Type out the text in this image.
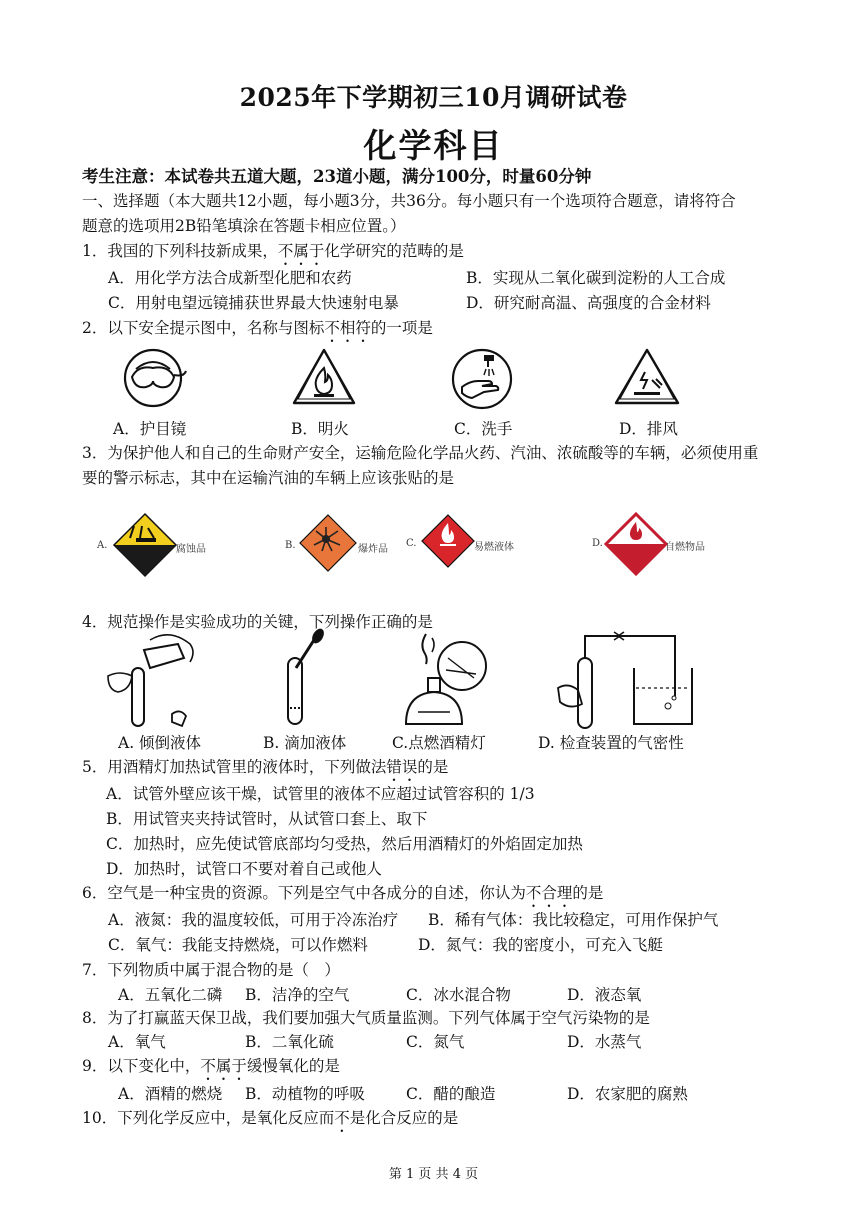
2025年下学期初三10月调研试卷
化学科目
考生注意：本试卷共五道大题，23道小题，满分100分，时量60分钟
一、选择题（本大题共12小题，每小题3分，共36分。每小题只有一个选项符合题意，请将符合
题意的选项用2B铅笔填涂在答题卡相应位置。）
1．我国的下列科技新成果，不属于化学研究的范畴的是
A．用化学方法合成新型化肥和农药	B．实现从二氧化碳到淀粉的人工合成
C．用射电望远镜捕获世界最大快速射电暴	D．研究耐高温、高强度的合金材料
2．以下安全提示图中，名称与图标不相符的一项是
A．护目镜	B．明火	C．洗手	D．排风
3．为保护他人和自己的生命财产安全，运输危险化学品火药、汽油、浓硫酸等的车辆，必须使用重
要的警示标志，其中在运输汽油的车辆上应该张贴的是
A.	腐蚀品	B.	爆炸品
C.	易燃液体	D.	自燃物品
4．规范操作是实验成功的关键，下列操作正确的是
A. 倾倒液体	B. 滴加液体	C.点燃酒精灯	D. 检查装置的气密性
5．用酒精灯加热试管里的液体时，下列做法错误的是
A．试管外壁应该干燥，试管里的液体不应超过试管容积的 1/3
B．用试管夹夹持试管时，从试管口套上、取下
C．加热时，应先使试管底部均匀受热，然后用酒精灯的外焰固定加热
D．加热时，试管口不要对着自己或他人
6．空气是一种宝贵的资源。下列是空气中各成分的自述，你认为不合理的是
A．液氮：我的温度较低，可用于冷冻治疗 B．稀有气体：我比较稳定，可用作保护气
C．氧气：我能支持燃烧，可以作燃料	D．氮气：我的密度小，可充入飞艇
7．下列物质中属于混合物的是（　）
A．五氧化二磷 B．洁净的空气	C．冰水混合物	D．液态氧
8．为了打赢蓝天保卫战，我们要加强大气质量监测。下列气体属于空气污染物的是
A．氧气	B．二氧化硫	C．氮气	D．水蒸气
9．以下变化中，不属于缓慢氧化的是
A．酒精的燃烧 B．动植物的呼吸	C．醋的酿造	D．农家肥的腐熟
10．下列化学反应中，是氧化反应而不是化合反应的是
第 1 页 共 4 页
